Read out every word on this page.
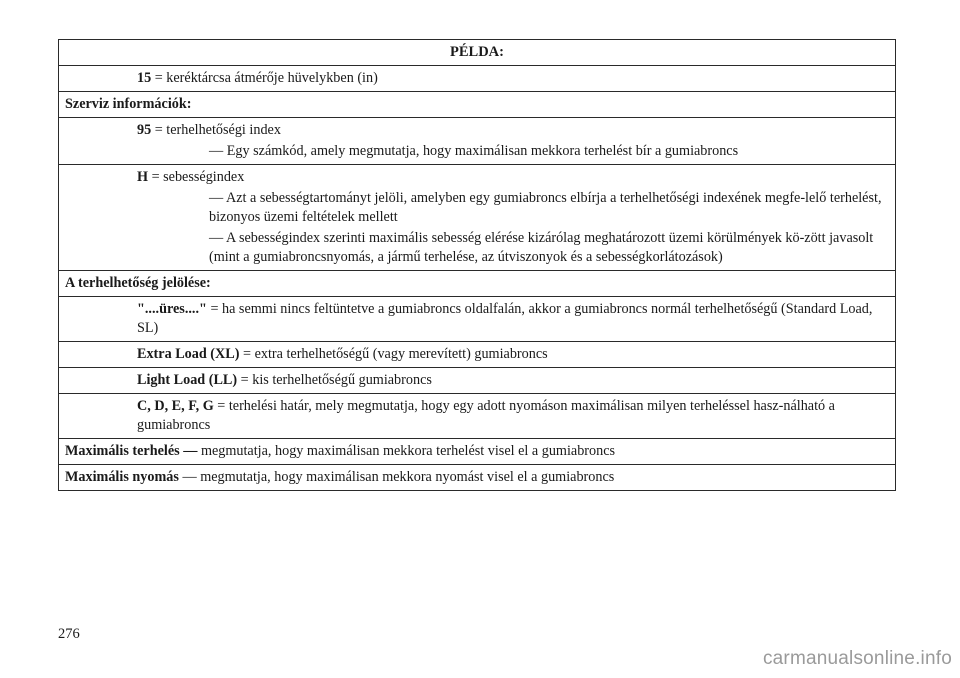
PÉLDA:
15 = keréktárcsa átmérője hüvelykben (in)
Szerviz információk:

95 = terhelhetőségi index
— Egy számkód, amely megmutatja, hogy maximálisan mekkora terhelést bír a gumiabroncs

H = sebességindex
— Azt a sebességtartományt jelöli, amelyben egy gumiabroncs elbírja a terhelhetőségi indexének megfe-lelő terhelést, bizonyos üzemi feltételek mellett
— A sebességindex szerinti maximális sebesség elérése kizárólag meghatározott üzemi körülmények kö-zött javasolt (mint a gumiabroncsnyomás, a jármű terhelése, az útviszonyok és a sebességkorlátozások)

A terhelhetőség jelölése:
"....üres...." = ha semmi nincs feltüntetve a gumiabroncs oldalfalán, akkor a gumiabroncs normál terhelhetőségű (Standard Load, SL)
Extra Load (XL) = extra terhelhetőségű (vagy merevített) gumiabroncs
Light Load (LL) = kis terhelhetőségű gumiabroncs
C, D, E, F, G = terhelési határ, mely megmutatja, hogy egy adott nyomáson maximálisan milyen terheléssel hasz-nálható a gumiabroncs
Maximális terhelés — megmutatja, hogy maximálisan mekkora terhelést visel el a gumiabroncs
Maximális nyomás — megmutatja, hogy maximálisan mekkora nyomást visel el a gumiabroncs
276
carmanualsonline.info
